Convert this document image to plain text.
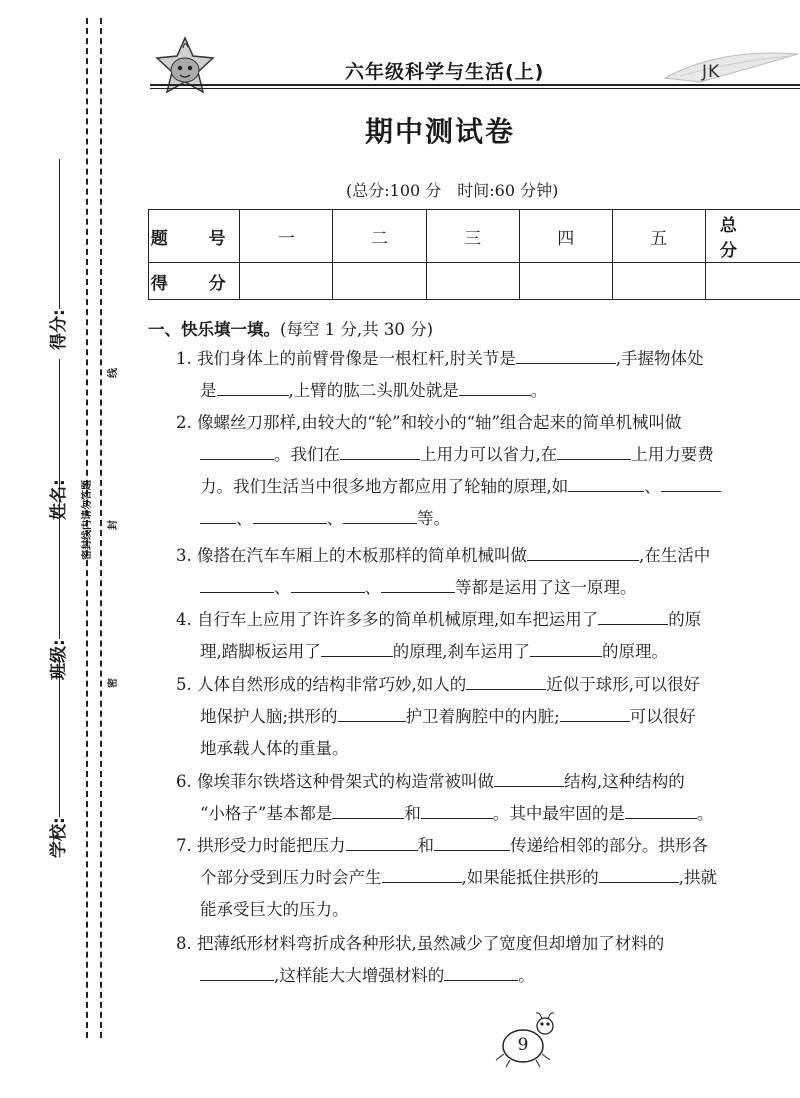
学校:
班级:
姓名:
得分:
密封线内请勿答题
线
封
密
六年级科学与生活(上)	JK
期中测试卷
(总分:100 分　时间:60 分钟)
题　号	一	二	三	四	五	总　分
得　分						
一、快乐填一填。(每空 1 分,共 30 分)
1. 我们身体上的前臂骨像是一根杠杆,肘关节是	,手握物体处
是	,上臂的肱二头肌处就是	。
2. 像螺丝刀那样,由较大的“轮”和较小的“轴”组合起来的简单机械叫做
。我们在	上用力可以省力,在	上用力要费
力。我们生活当中很多地方都应用了轮轴的原理,如	、
、	、	等。
3. 像搭在汽车车厢上的木板那样的简单机械叫做	,在生活中
、	、	等都是运用了这一原理。
4. 自行车上应用了许许多多的简单机械原理,如车把运用了	的原
理,踏脚板运用了	的原理,刹车运用了	的原理。
5. 人体自然形成的结构非常巧妙,如人的	近似于球形,可以很好
地保护人脑;拱形的	护卫着胸腔中的内脏;	可以很好
地承载人体的重量。
6. 像埃菲尔铁塔这种骨架式的构造常被叫做	结构,这种结构的
“小格子”基本都是	和	。其中最牢固的是	。
7. 拱形受力时能把压力	和	传递给相邻的部分。拱形各
个部分受到压力时会产生	,如果能抵住拱形的	,拱就
能承受巨大的压力。
8. 把薄纸形材料弯折成各种形状,虽然减少了宽度但却增加了材料的
,这样能大大增强材料的	。
9
